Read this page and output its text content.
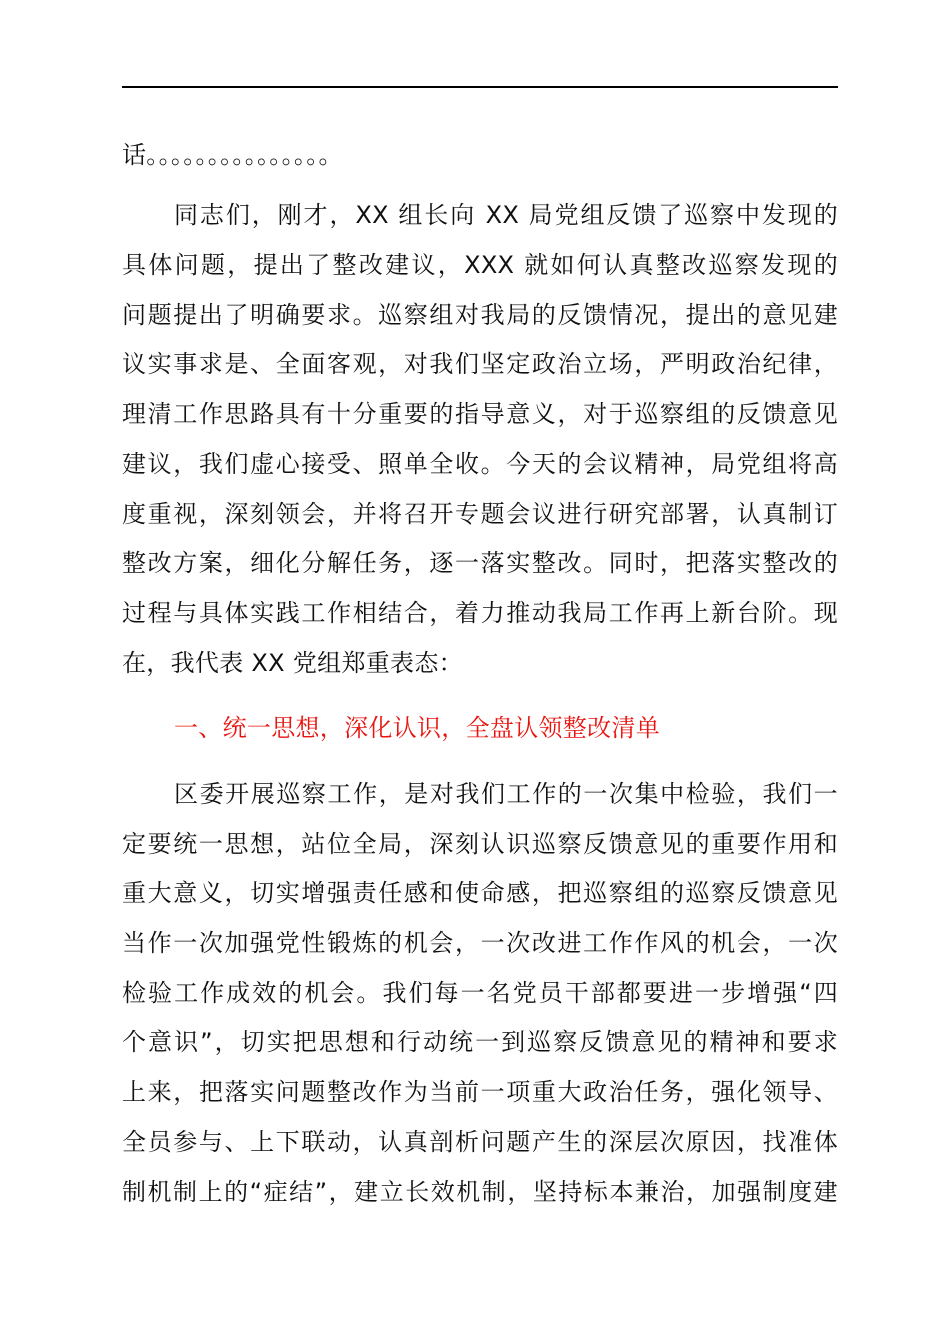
话。。。。。。。。。。。。。。。
同志们，刚才，XX 组长向 XX 局党组反馈了巡察中发现的
具体问题，提出了整改建议，XXX 就如何认真整改巡察发现的
问题提出了明确要求。巡察组对我局的反馈情况，提出的意见建
议实事求是、全面客观，对我们坚定政治立场，严明政治纪律，
理清工作思路具有十分重要的指导意义，对于巡察组的反馈意见
建议，我们虚心接受、照单全收。今天的会议精神，局党组将高
度重视，深刻领会，并将召开专题会议进行研究部署，认真制订
整改方案，细化分解任务，逐一落实整改。同时，把落实整改的
过程与具体实践工作相结合，着力推动我局工作再上新台阶。现
在，我代表 XX 党组郑重表态：
一、统一思想，深化认识，全盘认领整改清单
区委开展巡察工作，是对我们工作的一次集中检验，我们一
定要统一思想，站位全局，深刻认识巡察反馈意见的重要作用和
重大意义，切实增强责任感和使命感，把巡察组的巡察反馈意见
当作一次加强党性锻炼的机会，一次改进工作作风的机会，一次
检验工作成效的机会。我们每一名党员干部都要进一步增强“四
个意识”，切实把思想和行动统一到巡察反馈意见的精神和要求
上来，把落实问题整改作为当前一项重大政治任务，强化领导、
全员参与、上下联动，认真剖析问题产生的深层次原因，找准体
制机制上的“症结”，建立长效机制，坚持标本兼治，加强制度建
